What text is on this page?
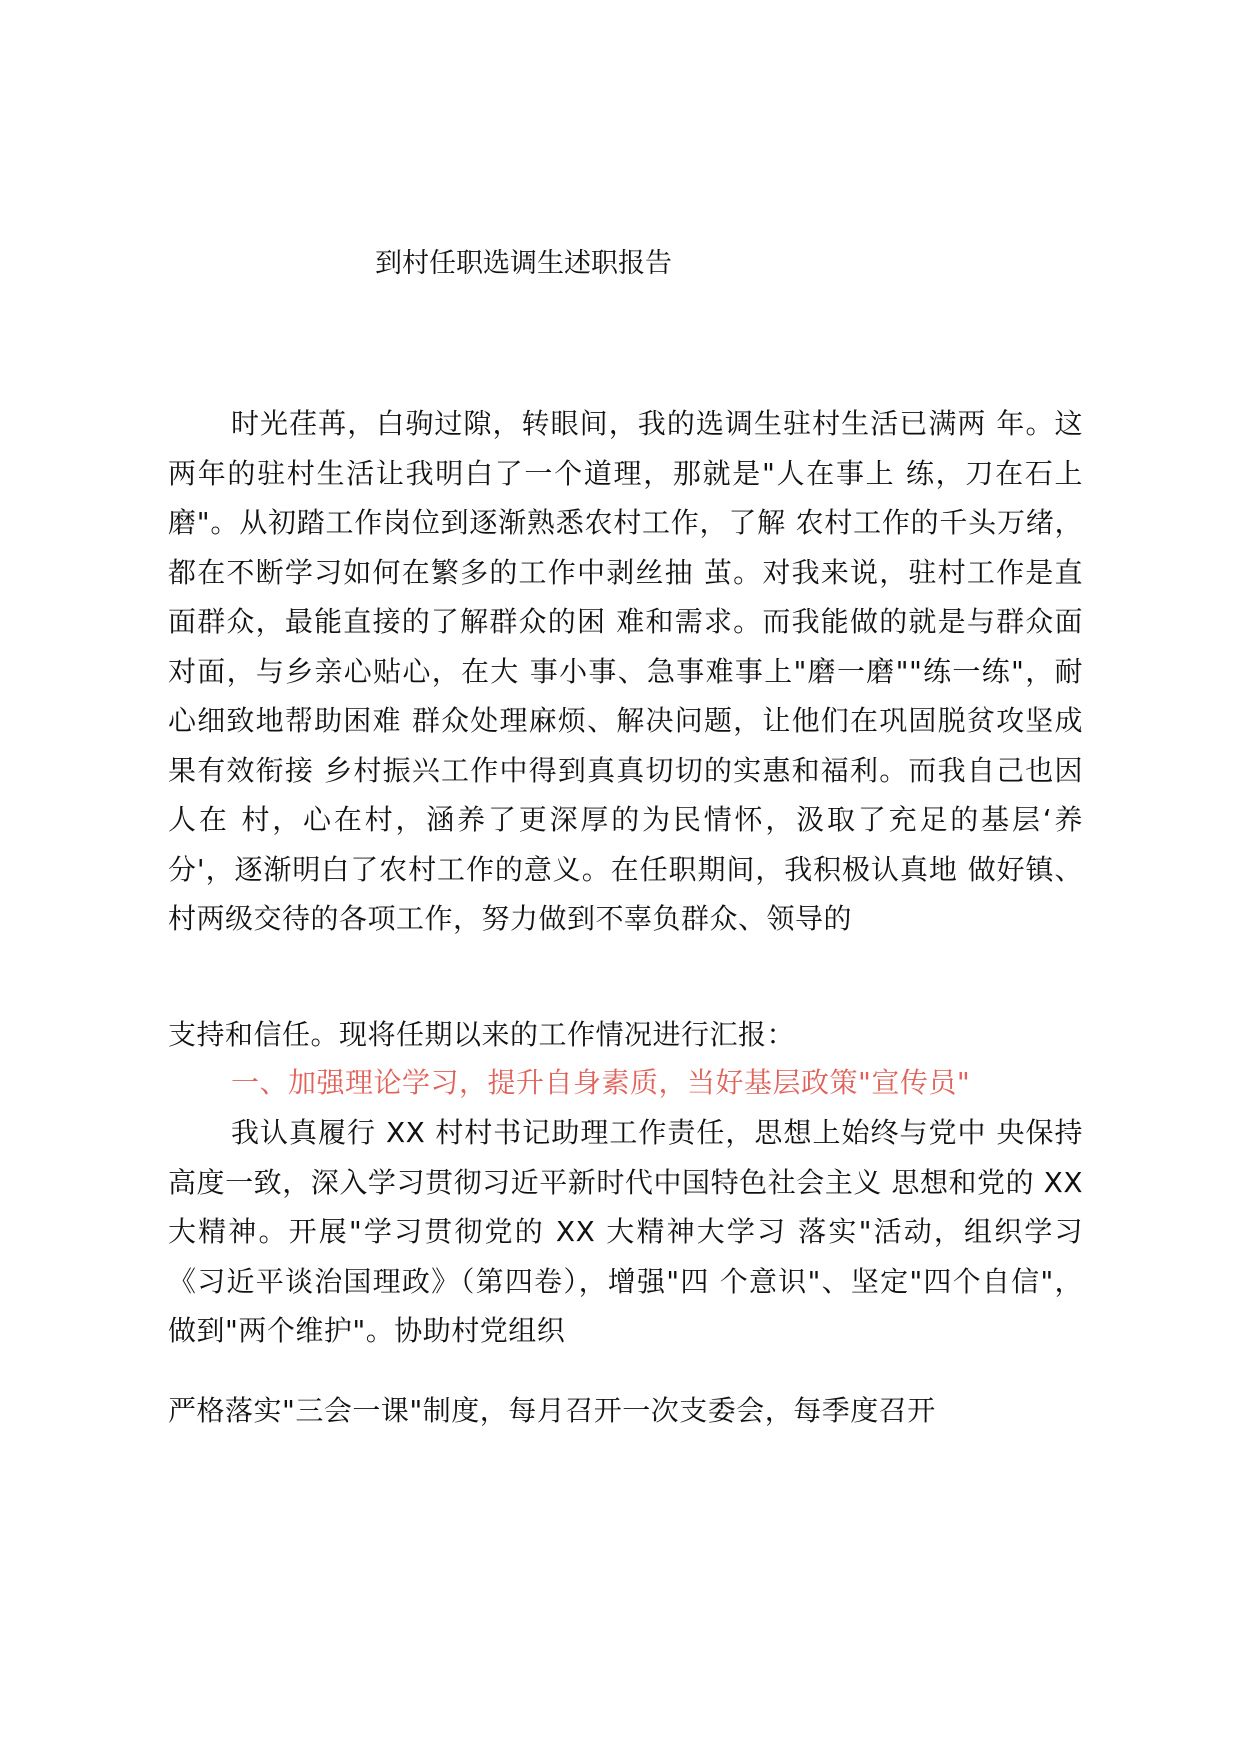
到村任职选调生述职报告

时光荏苒，白驹过隙，转眼间，我的选调生驻村生活已满两 年。这两年的驻村生活让我明白了一个道理，那就是"人在事上 练，刀在石上磨"。从初踏工作岗位到逐渐熟悉农村工作，了解 农村工作的千头万绪，都在不断学习如何在繁多的工作中剥丝抽 茧。对我来说，驻村工作是直面群众，最能直接的了解群众的困 难和需求。而我能做的就是与群众面对面，与乡亲心贴心，在大 事小事、急事难事上"磨一磨""练一练"，耐心细致地帮助困难 群众处理麻烦、解决问题，让他们在巩固脱贫攻坚成果有效衔接 乡村振兴工作中得到真真切切的实惠和福利。而我自己也因人在 村，心在村，涵养了更深厚的为民情怀，汲取了充足的基层‘养 分'，逐渐明白了农村工作的意义。在任职期间，我积极认真地 做好镇、村两级交待的各项工作，努力做到不辜负群众、领导的

支持和信任。现将任期以来的工作情况进行汇报：

一、加强理论学习，提升自身素质，当好基层政策"宣传员"

我认真履行 XX 村村书记助理工作责任，思想上始终与党中 央保持高度一致，深入学习贯彻习近平新时代中国特色社会主义 思想和党的 XX 大精神。开展"学习贯彻党的 XX 大精神大学习 落实"活动，组织学习《习近平谈治国理政》（第四卷），增强"四 个意识"、坚定"四个自信"，做到"两个维护"。协助村党组织

严格落实"三会一课"制度，每月召开一次支委会，每季度召开
